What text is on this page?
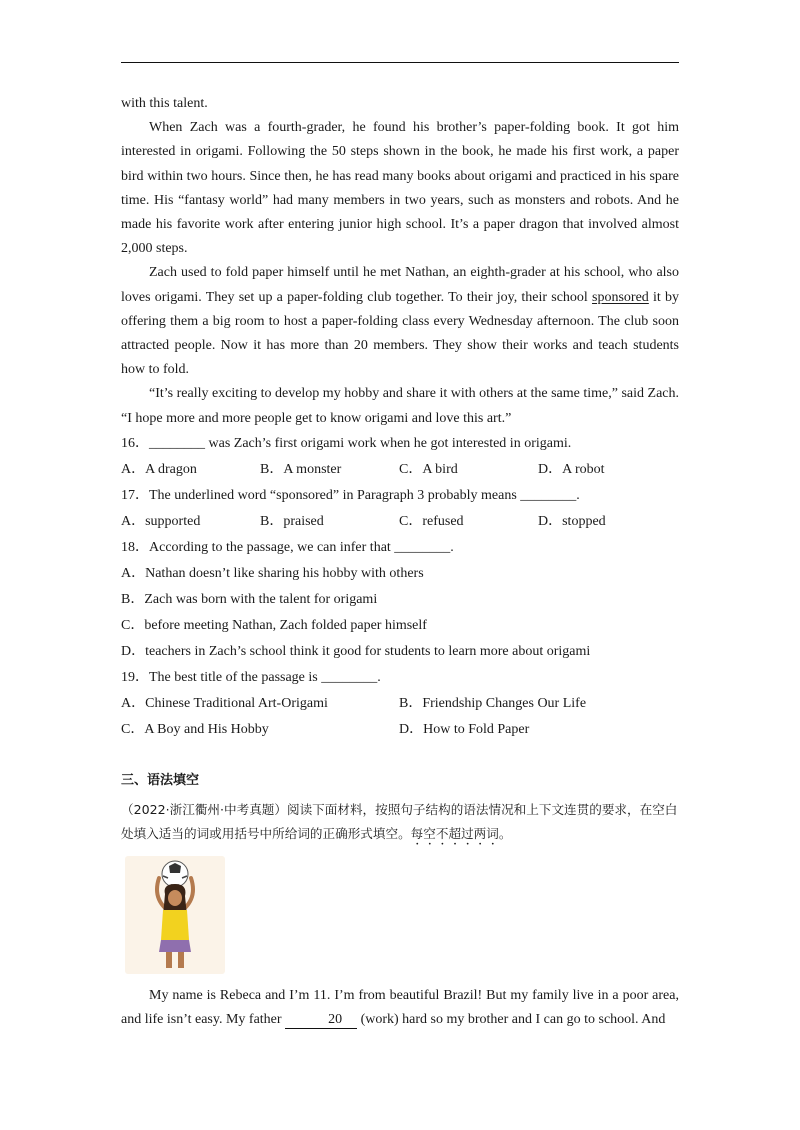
with this talent.

When Zach was a fourth-grader, he found his brother’s paper-folding book. It got him interested in origami. Following the 50 steps shown in the book, he made his first work, a paper bird within two hours. Since then, he has read many books about origami and practiced in his spare time. His “fantasy world” had many members in two years, such as monsters and robots. And he made his favorite work after entering junior high school. It’s a paper dragon that involved almost 2,000 steps.

Zach used to fold paper himself until he met Nathan, an eighth-grader at his school, who also loves origami. They set up a paper-folding club together. To their joy, their school sponsored it by offering them a big room to host a paper-folding class every Wednesday afternoon. The club soon attracted people. Now it has more than 20 members. They show their works and teach students how to fold.

“It’s really exciting to develop my hobby and share it with others at the same time,” said Zach. “I hope more and more people get to know origami and love this art.”

16．________ was Zach’s first origami work when he got interested in origami.
A．A dragon	B．A monster	C．A bird	D．A robot
17．The underlined word “sponsored” in Paragraph 3 probably means ________.
A．supported	B．praised	C．refused	D．stopped
18．According to the passage, we can infer that ________.
A．Nathan doesn’t like sharing his hobby with others
B．Zach was born with the talent for origami
C．before meeting Nathan, Zach folded paper himself
D．teachers in Zach’s school think it good for students to learn more about origami
19．The best title of the passage is ________.
A．Chinese Traditional Art-Origami	B．Friendship Changes Our Life
C．A Boy and His Hobby	D．How to Fold Paper
三、语法填空
（2022·浙江衢州·中考真题）阅读下面材料，按照句子结构的语法情况和上下文连贯的要求，在空白处填入适当的词或用括号中所给词的正确形式填空。每空不超过两词。

My name is Rebeca and I’m 11. I’m from beautiful Brazil! But my family live in a poor area, and life isn’t easy. My father	20 (work) hard so my brother and I can go to school. And
